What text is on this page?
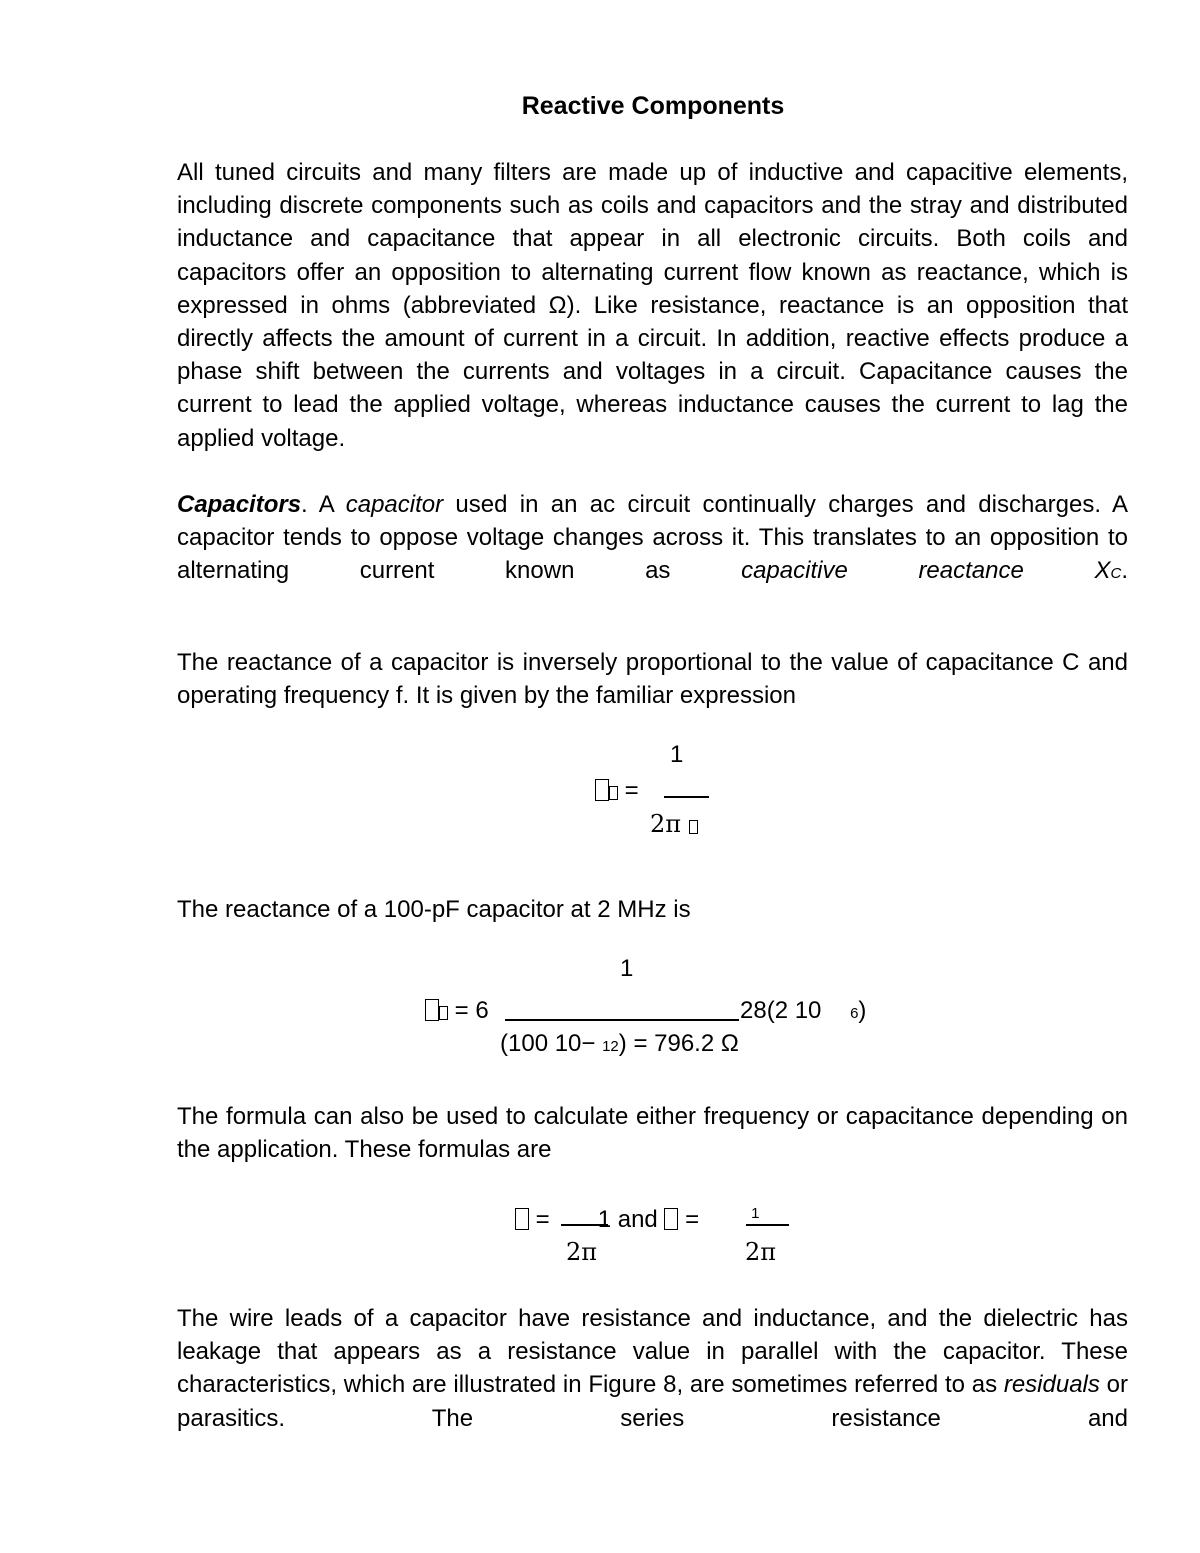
Reactive Components
All tuned circuits and many filters are made up of inductive and capacitive elements, including discrete components such as coils and capacitors and the stray and distributed inductance and capacitance that appear in all electronic circuits. Both coils and capacitors offer an opposition to alternating current flow known as reactance, which is expressed in ohms (abbreviated Ω). Like resistance, reactance is an opposition that directly affects the amount of current in a circuit. In addition, reactive effects produce a phase shift between the currents and voltages in a circuit. Capacitance causes the current to lead the applied voltage, whereas inductance causes the current to lag the applied voltage.
Capacitors. A capacitor used in an ac circuit continually charges and discharges. A capacitor tends to oppose voltage changes across it. This translates to an opposition to alternating current known as capacitive reactance XC.
The reactance of a capacitor is inversely proportional to the value of capacitance C and operating frequency f. It is given by the familiar expression
1
=
2π
The reactance of a 100-pF capacitor at 2 MHz is
1
= 6	28(2 10 6)
(100 10− 12) = 796.2 Ω
The formula can also be used to calculate either frequency or capacitance depending on the application. These formulas are
= 1 and =	$^1$
2π	2π
The wire leads of a capacitor have resistance and inductance, and the dielectric has leakage that appears as a resistance value in parallel with the capacitor. These characteristics, which are illustrated in Figure 8, are sometimes referred to as residuals or parasitics. The series resistance and
